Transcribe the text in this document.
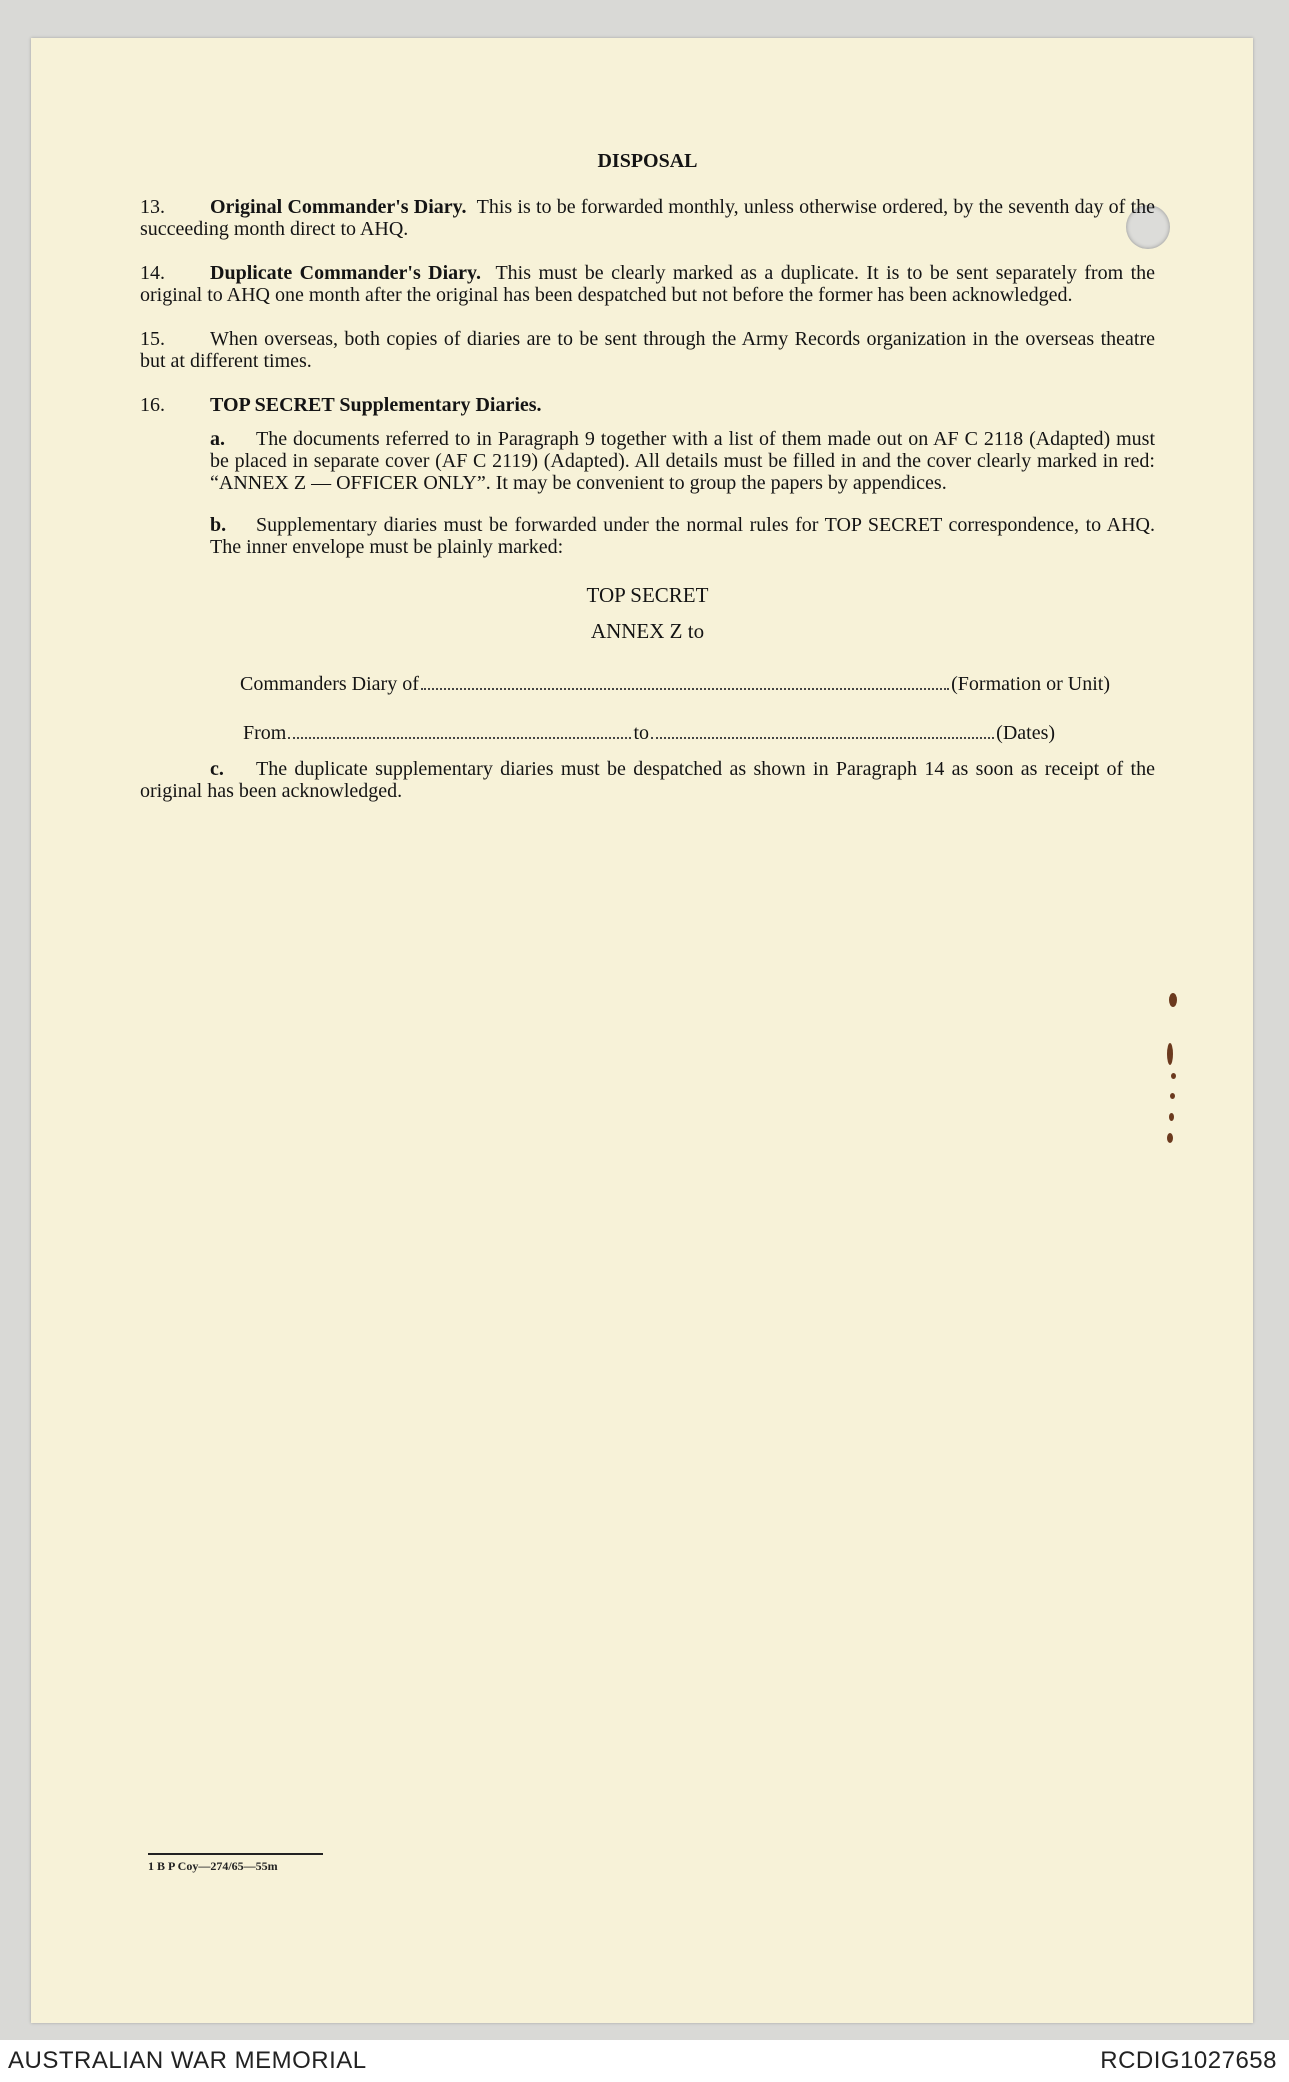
DISPOSAL
13. Original Commander's Diary. This is to be forwarded monthly, unless otherwise ordered, by the seventh day of the succeeding month direct to AHQ.
14. Duplicate Commander's Diary. This must be clearly marked as a duplicate. It is to be sent separately from the original to AHQ one month after the original has been despatched but not before the former has been acknowledged.
15. When overseas, both copies of diaries are to be sent through the Army Records organization in the overseas theatre but at different times.
16. TOP SECRET Supplementary Diaries.
a. The documents referred to in Paragraph 9 together with a list of them made out on AF C 2118 (Adapted) must be placed in separate cover (AF C 2119) (Adapted). All details must be filled in and the cover clearly marked in red: “ANNEX Z — OFFICER ONLY”. It may be convenient to group the papers by appendices.
b. Supplementary diaries must be forwarded under the normal rules for TOP SECRET correspondence, to AHQ. The inner envelope must be plainly marked:
TOP SECRET
ANNEX Z to
Commanders Diary of	(Formation or Unit)
From	to	(Dates)
c. The duplicate supplementary diaries must be despatched as shown in Paragraph 14 as soon as receipt of the original has been acknowledged.
1 B P Coy—274/65—55m
AUSTRALIAN WAR MEMORIAL	RCDIG1027658
